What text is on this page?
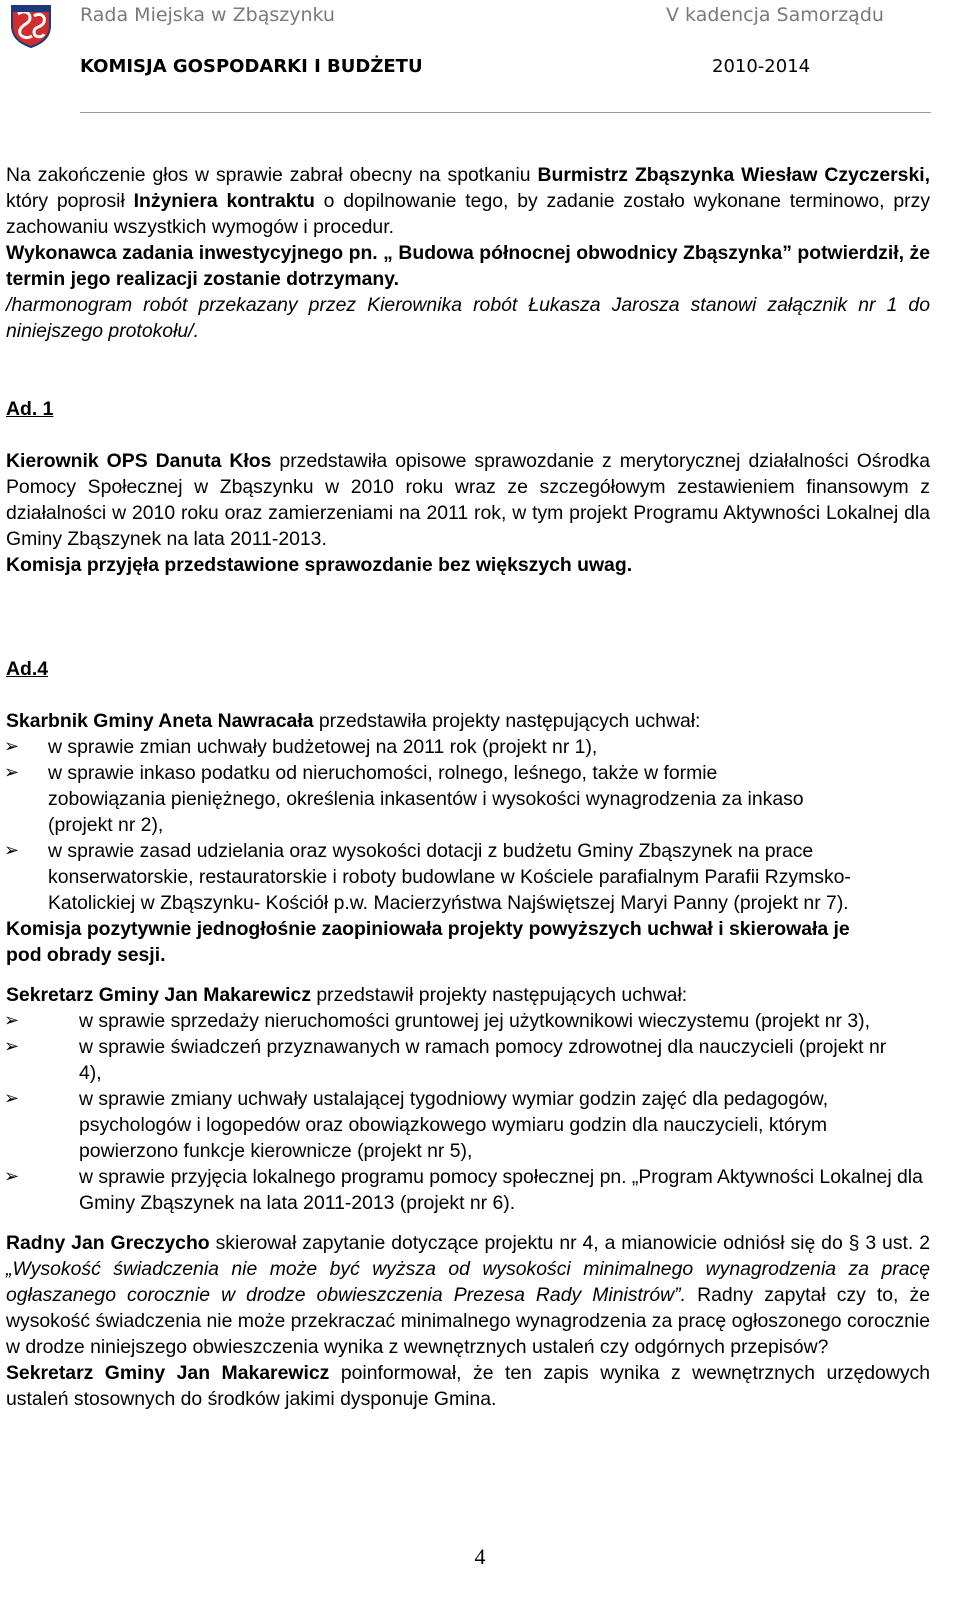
Rada Miejska w Zbąszynku	V kadencja Samorządu
KOMISJA GOSPODARKI I BUDŻETU	2010-2014

Na zakończenie głos w sprawie zabrał obecny na spotkaniu Burmistrz Zbąszynka Wiesław Czyczerski, który poprosił Inżyniera kontraktu o dopilnowanie tego, by zadanie zostało wykonane terminowo, przy zachowaniu wszystkich wymogów i procedur.

Wykonawca zadania inwestycyjnego pn. „ Budowa północnej obwodnicy Zbąszynka” potwierdził, że termin jego realizacji zostanie dotrzymany.

/harmonogram robót przekazany przez Kierownika robót Łukasza Jarosza stanowi załącznik nr 1 do niniejszego protokołu/.

Ad. 1

Kierownik OPS Danuta Kłos przedstawiła opisowe sprawozdanie z merytorycznej działalności Ośrodka Pomocy Społecznej w Zbąszynku w 2010 roku wraz ze szczegółowym zestawieniem finansowym z działalności w 2010 roku oraz zamierzeniami na 2011 rok, w tym projekt Programu Aktywności Lokalnej dla Gminy Zbąszynek na lata 2011-2013.

Komisja przyjęła przedstawione sprawozdanie bez większych uwag.

Ad.4

Skarbnik Gminy Aneta Nawracała przedstawiła projekty następujących uchwał:

➢ w sprawie zmian uchwały budżetowej na 2011 rok (projekt nr 1),
➢ w sprawie inkaso podatku od nieruchomości, rolnego, leśnego, także w formie zobowiązania pieniężnego, określenia inkasentów i wysokości wynagrodzenia za inkaso (projekt nr 2),
➢ w sprawie zasad udzielania oraz wysokości dotacji z budżetu Gminy Zbąszynek na prace konserwatorskie, restauratorskie i roboty budowlane w Kościele parafialnym Parafii Rzymsko-Katolickiej w Zbąszynku- Kościół p.w. Macierzyństwa Najświętszej Maryi Panny (projekt nr 7).

Komisja pozytywnie jednogłośnie zaopiniowała projekty powyższych uchwał i skierowała je pod obrady sesji.

Sekretarz Gminy Jan Makarewicz przedstawił projekty następujących uchwał:

➢	w sprawie sprzedaży nieruchomości gruntowej jej użytkownikowi wieczystemu (projekt nr 3),
➢	w sprawie świadczeń przyznawanych w ramach pomocy zdrowotnej dla nauczycieli (projekt nr 4),
➢	w sprawie zmiany uchwały ustalającej tygodniowy wymiar godzin zajęć dla pedagogów, psychologów i logopedów oraz obowiązkowego wymiaru godzin dla nauczycieli, którym powierzono funkcje kierownicze (projekt nr 5),
➢	w sprawie przyjęcia lokalnego programu pomocy społecznej pn. „Program Aktywności Lokalnej dla Gminy Zbąszynek na lata 2011-2013 (projekt nr 6).

Radny Jan Greczycho skierował zapytanie dotyczące projektu nr 4, a mianowicie odniósł się do § 3 ust. 2 „Wysokość świadczenia nie może być wyższa od wysokości minimalnego wynagrodzenia za pracę ogłaszanego corocznie w drodze obwieszczenia Prezesa Rady Ministrów”. Radny zapytał czy to, że wysokość świadczenia nie może przekraczać minimalnego wynagrodzenia za pracę ogłoszonego corocznie w drodze niniejszego obwieszczenia wynika z wewnętrznych ustaleń czy odgórnych przepisów?

Sekretarz Gminy Jan Makarewicz poinformował, że ten zapis wynika z wewnętrznych urzędowych ustaleń stosownych do środków jakimi dysponuje Gmina.

4
